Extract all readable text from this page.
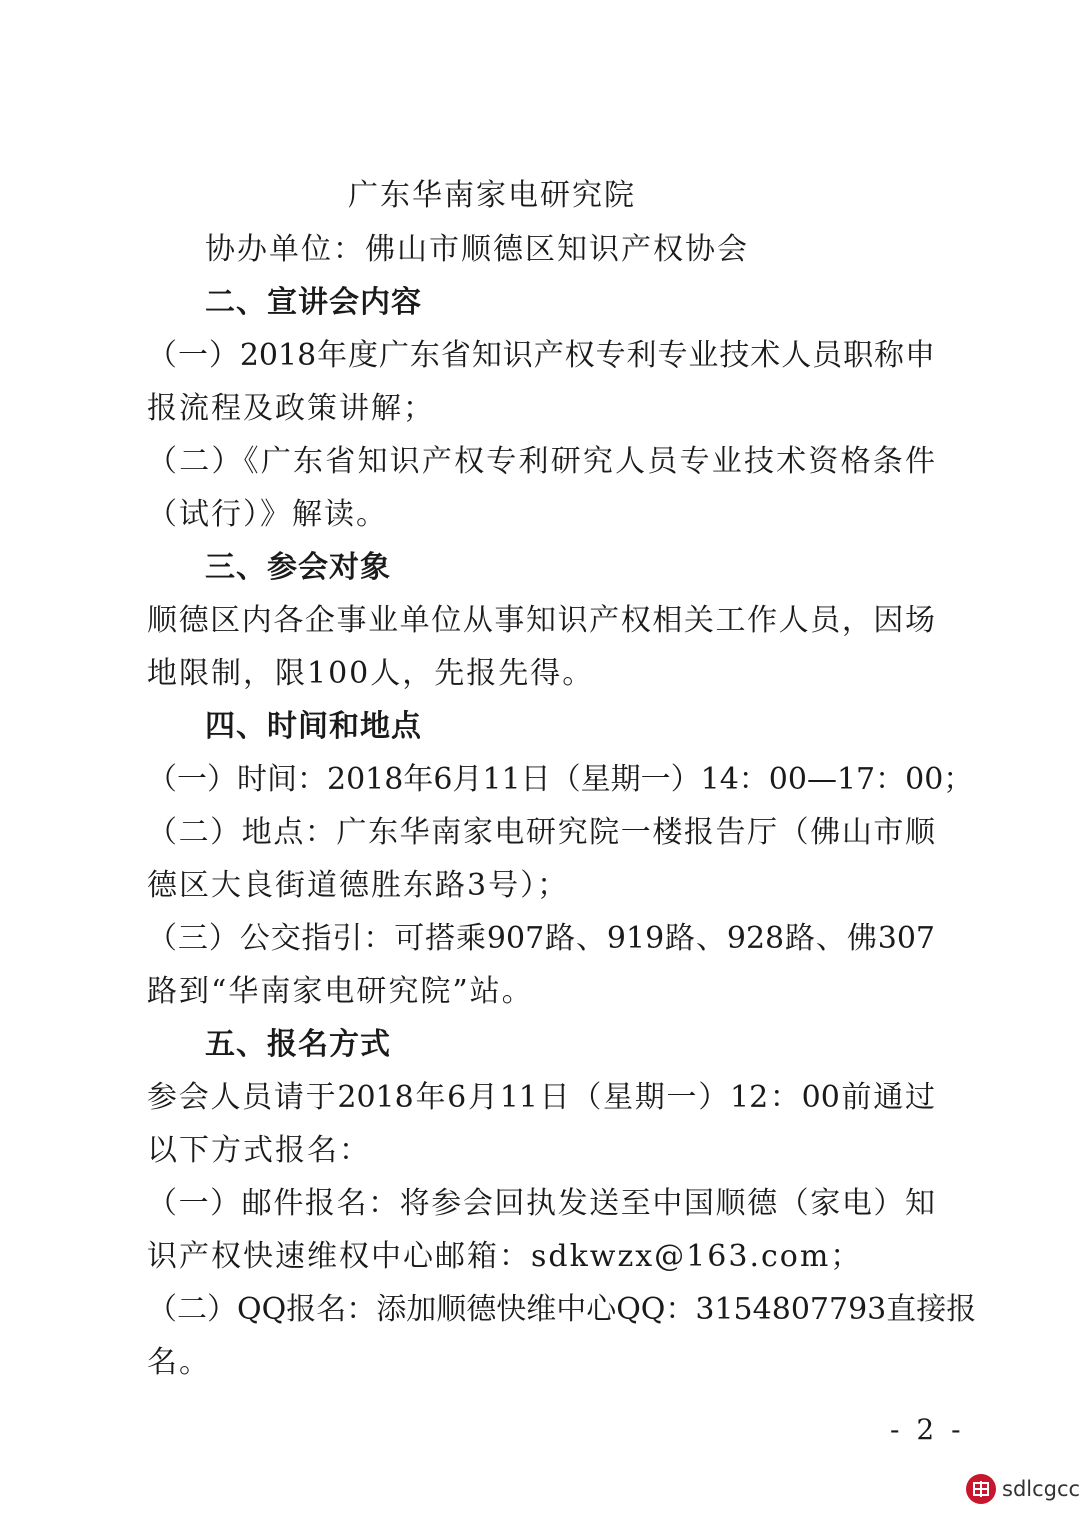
广东华南家电研究院
协办单位：佛山市顺德区知识产权协会
二、宣讲会内容
（一）2018年度广东省知识产权专利专业技术人员职称申
报流程及政策讲解；
（二）《广东省知识产权专利研究人员专业技术资格条件
（试行）》解读。
三、参会对象
顺德区内各企事业单位从事知识产权相关工作人员，因场
地限制，限100人，先报先得。
四、时间和地点
（一）时间：2018年6月11日（星期一）14：00—17：00；
（二）地点：广东华南家电研究院一楼报告厅（佛山市顺
德区大良街道德胜东路3号）；
（三）公交指引：可搭乘907路、919路、928路、佛307
路到“华南家电研究院”站。
五、报名方式
参会人员请于2018年6月11日（星期一）12：00前通过
以下方式报名：
（一）邮件报名：将参会回执发送至中国顺德（家电）知
识产权快速维权中心邮箱：sdkwzx@163.com；
（二）QQ报名：添加顺德快维中心QQ：3154807793直接报
名。
- 2 -
sdlcgcc
